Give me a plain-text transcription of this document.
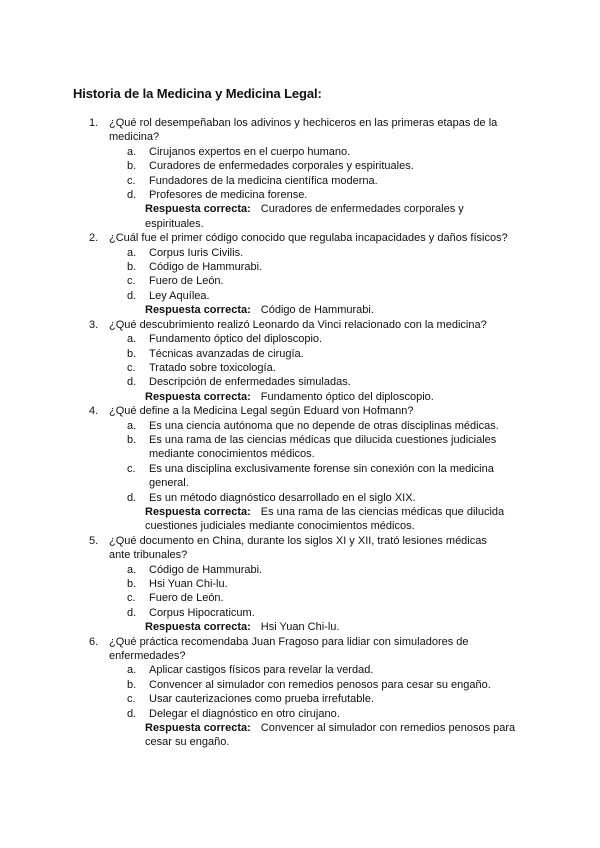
Historia de la Medicina y Medicina Legal:
1. ¿Qué rol desempeñaban los adivinos y hechiceros en las primeras etapas de la medicina?
a. Cirujanos expertos en el cuerpo humano.
b. Curadores de enfermedades corporales y espirituales.
c. Fundadores de la medicina científica moderna.
d. Profesores de medicina forense.
Respuesta correcta: Curadores de enfermedades corporales y espirituales.
2. ¿Cuál fue el primer código conocido que regulaba incapacidades y daños físicos?
a. Corpus Iuris Civilis.
b. Código de Hammurabi.
c. Fuero de León.
d. Ley Aquílea.
Respuesta correcta: Código de Hammurabi.
3. ¿Qué descubrimiento realizó Leonardo da Vinci relacionado con la medicina?
a. Fundamento óptico del diploscopio.
b. Técnicas avanzadas de cirugía.
c. Tratado sobre toxicología.
d. Descripción de enfermedades simuladas.
Respuesta correcta: Fundamento óptico del diploscopio.
4. ¿Qué define a la Medicina Legal según Eduard von Hofmann?
a. Es una ciencia autónoma que no depende de otras disciplinas médicas.
b. Es una rama de las ciencias médicas que dilucida cuestiones judiciales mediante conocimientos médicos.
c. Es una disciplina exclusivamente forense sin conexión con la medicina general.
d. Es un método diagnóstico desarrollado en el siglo XIX.
Respuesta correcta: Es una rama de las ciencias médicas que dilucida cuestiones judiciales mediante conocimientos médicos.
5. ¿Qué documento en China, durante los siglos XI y XII, trató lesiones médicas ante tribunales?
a. Código de Hammurabi.
b. Hsi Yuan Chi-lu.
c. Fuero de León.
d. Corpus Hipocraticum.
Respuesta correcta: Hsi Yuan Chi-lu.
6. ¿Qué práctica recomendaba Juan Fragoso para lidiar con simuladores de enfermedades?
a. Aplicar castigos físicos para revelar la verdad.
b. Convencer al simulador con remedios penosos para cesar su engaño.
c. Usar cauterizaciones como prueba irrefutable.
d. Delegar el diagnóstico en otro cirujano.
Respuesta correcta: Convencer al simulador con remedios penosos para cesar su engaño.
